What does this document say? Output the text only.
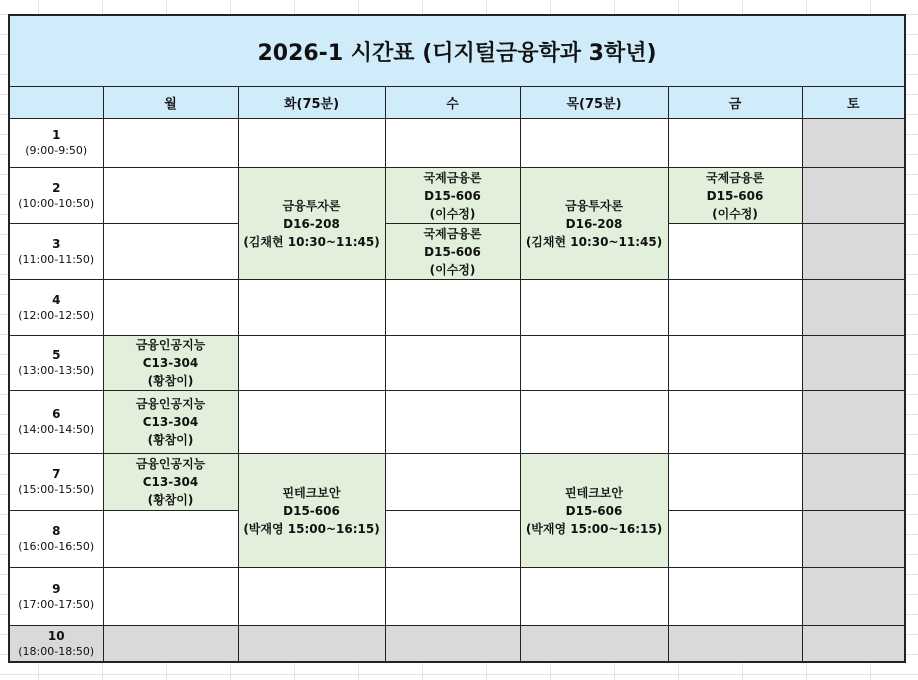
2026-1 시간표 (디지털금융학과 3학년)						
	월	화(75분)	수	목(75분)	금	토

1
(9:00-9:50)						

2
(10:00-10:50)		금융투자론
D16-208
(김채현 10:30~11:45)	국제금융론
D15-606
(이수정)	금융투자론
D16-208
(김채현 10:30~11:45)	국제금융론
D15-606
(이수정)	

3
(11:00-11:50)			국제금융론
D15-606
(이수정)			

4
(12:00-12:50)						

5
(13:00-13:50)	금융인공지능
C13-304
(황참이)					

6
(14:00-14:50)	금융인공지능
C13-304
(황참이)					

7
(15:00-15:50)	금융인공지능
C13-304
(황참이)	핀테크보안
D15-606
(박재영 15:00~16:15)		핀테크보안
D15-606
(박재영 15:00~16:15)		

8
(16:00-16:50)						

9
(17:00-17:50)						

10
(18:00-18:50)						
